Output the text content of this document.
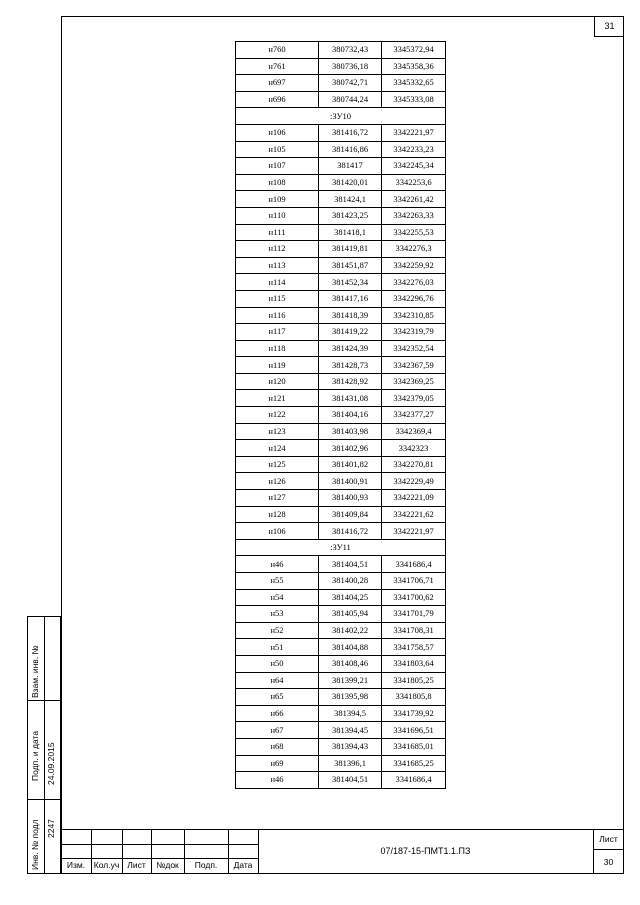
31
н760	380732,43	3345372,94
н761	380736,18	3345358,36
н697	380742,71	3345332,65
н696	380744,24	3345333,08
:ЗУ10		
н106	381416,72	3342221,97
н105	381416,86	3342233,23
н107	381417	3342245,34
н108	381420,01	3342253,6
н109	381424,1	3342261,42
н110	381423,25	3342263,33
н111	381418,1	3342255,53
н112	381419,81	3342276,3
н113	381451,87	3342259,92
н114	381452,34	3342276,03
н115	381417,16	3342296,76
н116	381418,39	3342310,85
н117	381419,22	3342319,79
н118	381424,39	3342352,54
н119	381428,73	3342367,59
н120	381428,92	3342369,25
н121	381431,08	3342379,05
н122	381404,16	3342377,27
н123	381403,98	3342369,4
н124	381402,96	3342323
н125	381401,82	3342270,81
н126	381400,91	3342229,49
н127	381400,93	3342221,09
н128	381409,84	3342221,62
н106	381416,72	3342221,97
:ЗУ11		
н46	381404,51	3341686,4
н55	381400,28	3341706,71
н54	381404,25	3341700,62
н53	381405,94	3341701,79
н52	381402,22	3341708,31
н51	381404,88	3341758,57
н50	381408,46	3341803,64
н64	381399,21	3341805,25
н65	381395,98	3341805,8
н66	381394,5	3341739,92
н67	381394,45	3341696,51
н68	381394,43	3341685,01
н69	381396,1	3341685,25
н46	381404,51	3341686,4
Взам. инв. №
Подп. и дата 24.09.2015
Инв. № подл 2247
Изм.	Кол.уч Лист	№док	Подп.	Дата
07/187-15-ПМТ1.1.ПЗ
Лист
30
